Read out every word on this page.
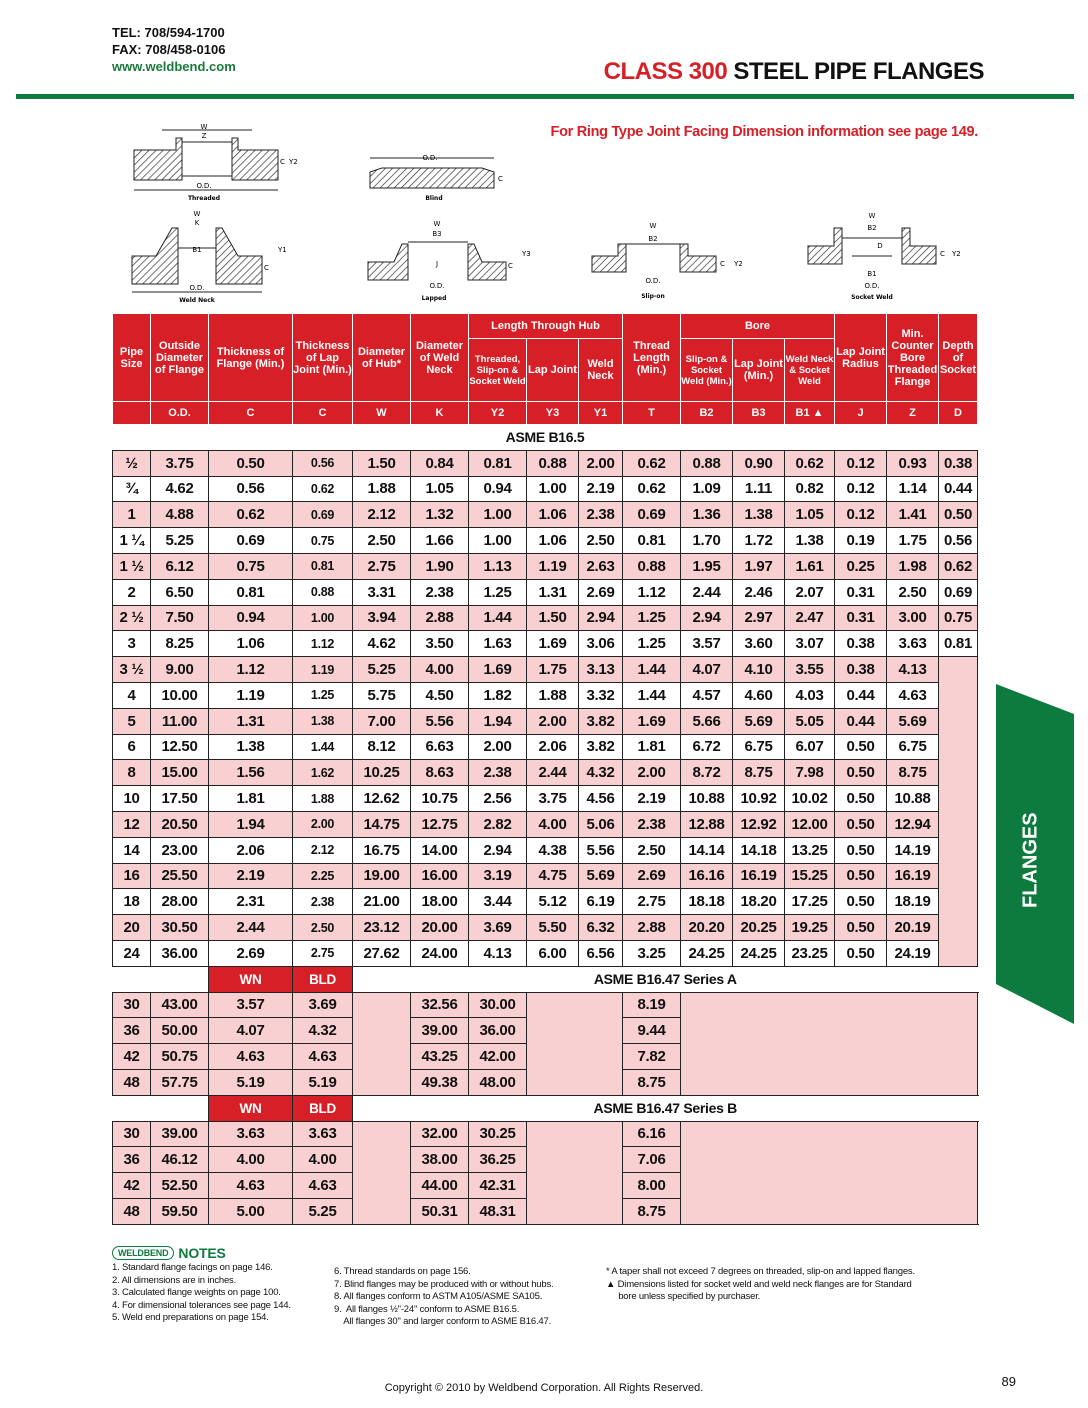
TEL: 708/594-1700
FAX: 708/458-0106
www.weldbend.com	CLASS 300 STEEL PIPE FLANGES
For Ring Type Joint Facing Dimension information see page 149.
W
Z
O.D.
C Y2
Threaded
O.D.
C
Blind
W
K
B1
O.D.
C
Y1
Weld Neck
W
B3
J
O.D.
C
Y3
Lapped
W
B2
O.D.
C Y2
Slip-on
W
B2
D
B1
O.D.
C Y2
Socket Weld
FLANGES
Pipe Size	Outside Diameter of Flange	Thickness of Flange (Min.)	Thickness of Lap Joint (Min.)	Diameter of Hub*	Diameter of Weld Neck	Length Through Hub			Thread Length (Min.)	Bore			Lap Joint Radius	Min. Counter Bore Threaded Flange	Depth of Socket
						Threaded, Slip-on & Socket Weld	Lap Joint	Weld Neck		Slip-on & Socket Weld (Min.)	Lap Joint (Min.)	Weld Neck & Socket Weld			
	O.D.	C	C	W	K	Y2	Y3	Y1	T	B2	B3	B1 ▲	J	Z	D
ASME B16.5															
½	3.75	0.50	0.56	1.50	0.84	0.81	0.88	2.00	0.62	0.88	0.90	0.62	0.12	0.93	0.38
¾	4.62	0.56	0.62	1.88	1.05	0.94	1.00	2.19	0.62	1.09	1.11	0.82	0.12	1.14	0.44
1	4.88	0.62	0.69	2.12	1.32	1.00	1.06	2.38	0.69	1.36	1.38	1.05	0.12	1.41	0.50
1 ¼	5.25	0.69	0.75	2.50	1.66	1.00	1.06	2.50	0.81	1.70	1.72	1.38	0.19	1.75	0.56
1 ½	6.12	0.75	0.81	2.75	1.90	1.13	1.19	2.63	0.88	1.95	1.97	1.61	0.25	1.98	0.62
2	6.50	0.81	0.88	3.31	2.38	1.25	1.31	2.69	1.12	2.44	2.46	2.07	0.31	2.50	0.69
2 ½	7.50	0.94	1.00	3.94	2.88	1.44	1.50	2.94	1.25	2.94	2.97	2.47	0.31	3.00	0.75
3	8.25	1.06	1.12	4.62	3.50	1.63	1.69	3.06	1.25	3.57	3.60	3.07	0.38	3.63	0.81
3 ½	9.00	1.12	1.19	5.25	4.00	1.69	1.75	3.13	1.44	4.07	4.10	3.55	0.38	4.13	
4	10.00	1.19	1.25	5.75	4.50	1.82	1.88	3.32	1.44	4.57	4.60	4.03	0.44	4.63	
5	11.00	1.31	1.38	7.00	5.56	1.94	2.00	3.82	1.69	5.66	5.69	5.05	0.44	5.69	
6	12.50	1.38	1.44	8.12	6.63	2.00	2.06	3.82	1.81	6.72	6.75	6.07	0.50	6.75	
8	15.00	1.56	1.62	10.25	8.63	2.38	2.44	4.32	2.00	8.72	8.75	7.98	0.50	8.75	
10	17.50	1.81	1.88	12.62	10.75	2.56	3.75	4.56	2.19	10.88	10.92	10.02	0.50	10.88	
12	20.50	1.94	2.00	14.75	12.75	2.82	4.00	5.06	2.38	12.88	12.92	12.00	0.50	12.94	
14	23.00	2.06	2.12	16.75	14.00	2.94	4.38	5.56	2.50	14.14	14.18	13.25	0.50	14.19	
16	25.50	2.19	2.25	19.00	16.00	3.19	4.75	5.69	2.69	16.16	16.19	15.25	0.50	16.19	
18	28.00	2.31	2.38	21.00	18.00	3.44	5.12	6.19	2.75	18.18	18.20	17.25	0.50	18.19	
20	30.50	2.44	2.50	23.12	20.00	3.69	5.50	6.32	2.88	20.20	20.25	19.25	0.50	20.19	
24	36.00	2.69	2.75	27.62	24.00	4.13	6.00	6.56	3.25	24.25	24.25	23.25	0.50	24.19	
		WN	BLD	ASME B16.47 Series A											
30	43.00	3.57	3.69		32.56	30.00			8.19						
36	50.00	4.07	4.32		39.00	36.00			9.44						
42	50.75	4.63	4.63		43.25	42.00			7.82						
48	57.75	5.19	5.19		49.38	48.00			8.75						
		WN	BLD	ASME B16.47 Series B											
30	39.00	3.63	3.63		32.00	30.25			6.16						
36	46.12	4.00	4.00		38.00	36.25			7.06						
42	52.50	4.63	4.63		44.00	42.31			8.00						
48	59.50	5.00	5.25		50.31	48.31			8.75						
WELDBEND NOTES
1. Standard flange facings on page 146.
2. All dimensions are in inches.
3. Calculated flange weights on page 100.
4. For dimensional tolerances see page 144.
5. Weld end preparations on page 154.
6. Thread standards on page 156.
7. Blind flanges may be produced with or without hubs.
8. All flanges conform to ASTM A105/ASME SA105.
9.  All flanges ½"-24" conform to ASME B16.5.
All flanges 30" and larger conform to ASME B16.47.
* A taper shall not exceed 7 degrees on threaded, slip-on and lapped flanges.
▲ Dimensions listed for socket weld and weld neck flanges are for Standard
bore unless specified by purchaser.
89
Copyright © 2010 by Weldbend Corporation. All Rights Reserved.
